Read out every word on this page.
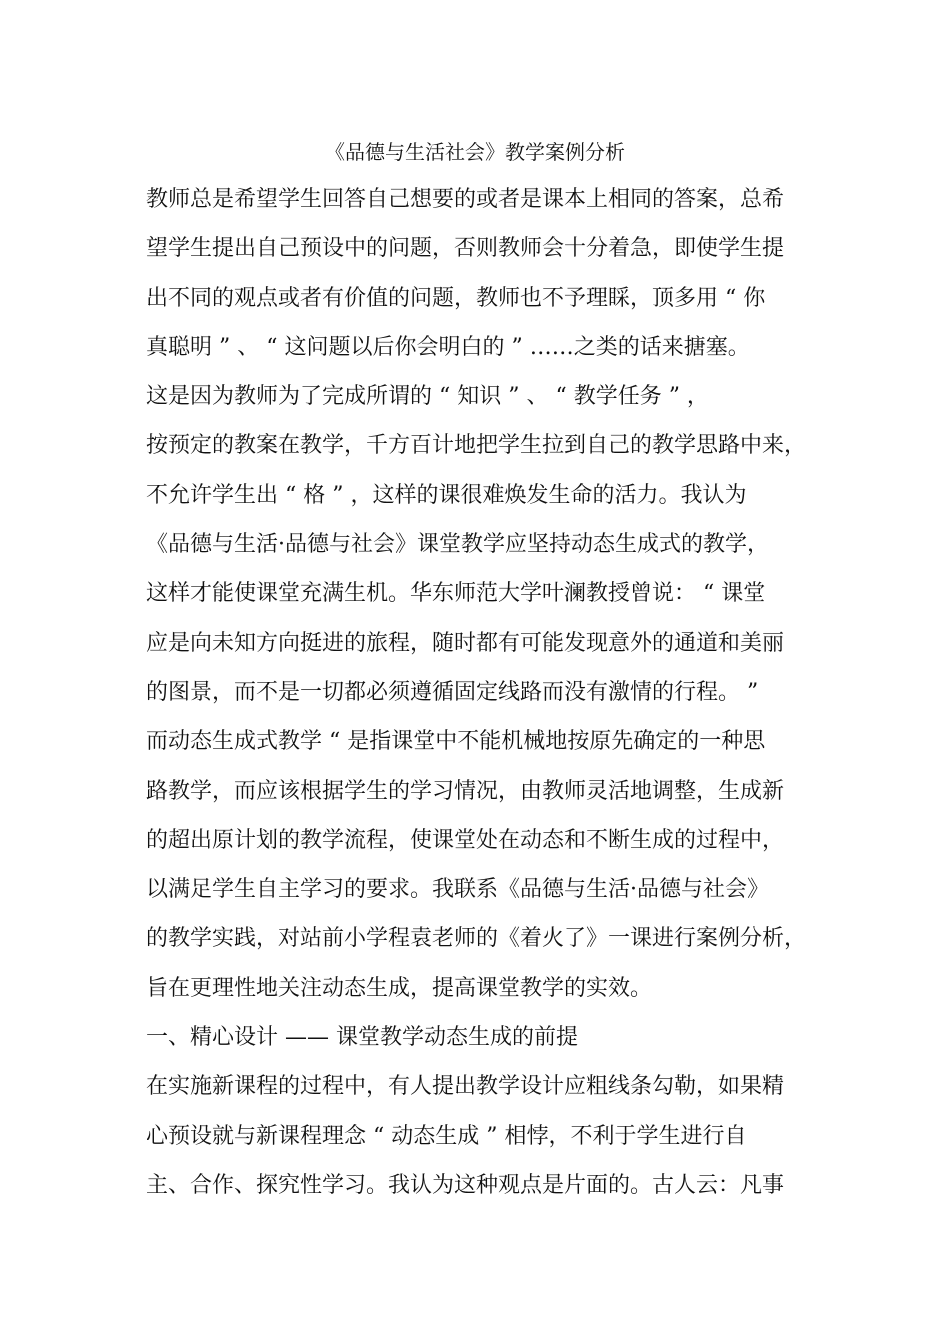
《品德与生活社会》教学案例分析
教师总是希望学生回答自己想要的或者是课本上相同的答案，总希
望学生提出自己预设中的问题，否则教师会十分着急，即使学生提
出不同的观点或者有价值的问题，教师也不予理睬，顶多用 “ 你
真聪明 ” 、 “ 这问题以后你会明白的 ” ……之类的话来搪塞。
这是因为教师为了完成所谓的 “ 知识 ” 、 “ 教学任务 ” ，
按预定的教案在教学，千方百计地把学生拉到自己的教学思路中来，
不允许学生出 “ 格 ” ，这样的课很难焕发生命的活力。我认为
《品德与生活·品德与社会》课堂教学应坚持动态生成式的教学，
这样才能使课堂充满生机。华东师范大学叶澜教授曾说： “ 课堂
应是向未知方向挺进的旅程，随时都有可能发现意外的通道和美丽
的图景，而不是一切都必须遵循固定线路而没有激情的行程。 ”
而动态生成式教学 “ 是指课堂中不能机械地按原先确定的一种思
路教学，而应该根据学生的学习情况，由教师灵活地调整，生成新
的超出原计划的教学流程，使课堂处在动态和不断生成的过程中，
以满足学生自主学习的要求。我联系《品德与生活·品德与社会》
的教学实践，对站前小学程袁老师的《着火了》一课进行案例分析，
旨在更理性地关注动态生成，提高课堂教学的实效。
一、精心设计 —— 课堂教学动态生成的前提
在实施新课程的过程中，有人提出教学设计应粗线条勾勒，如果精
心预设就与新课程理念 “ 动态生成 ” 相悖，不利于学生进行自
主、合作、探究性学习。我认为这种观点是片面的。古人云：凡事
